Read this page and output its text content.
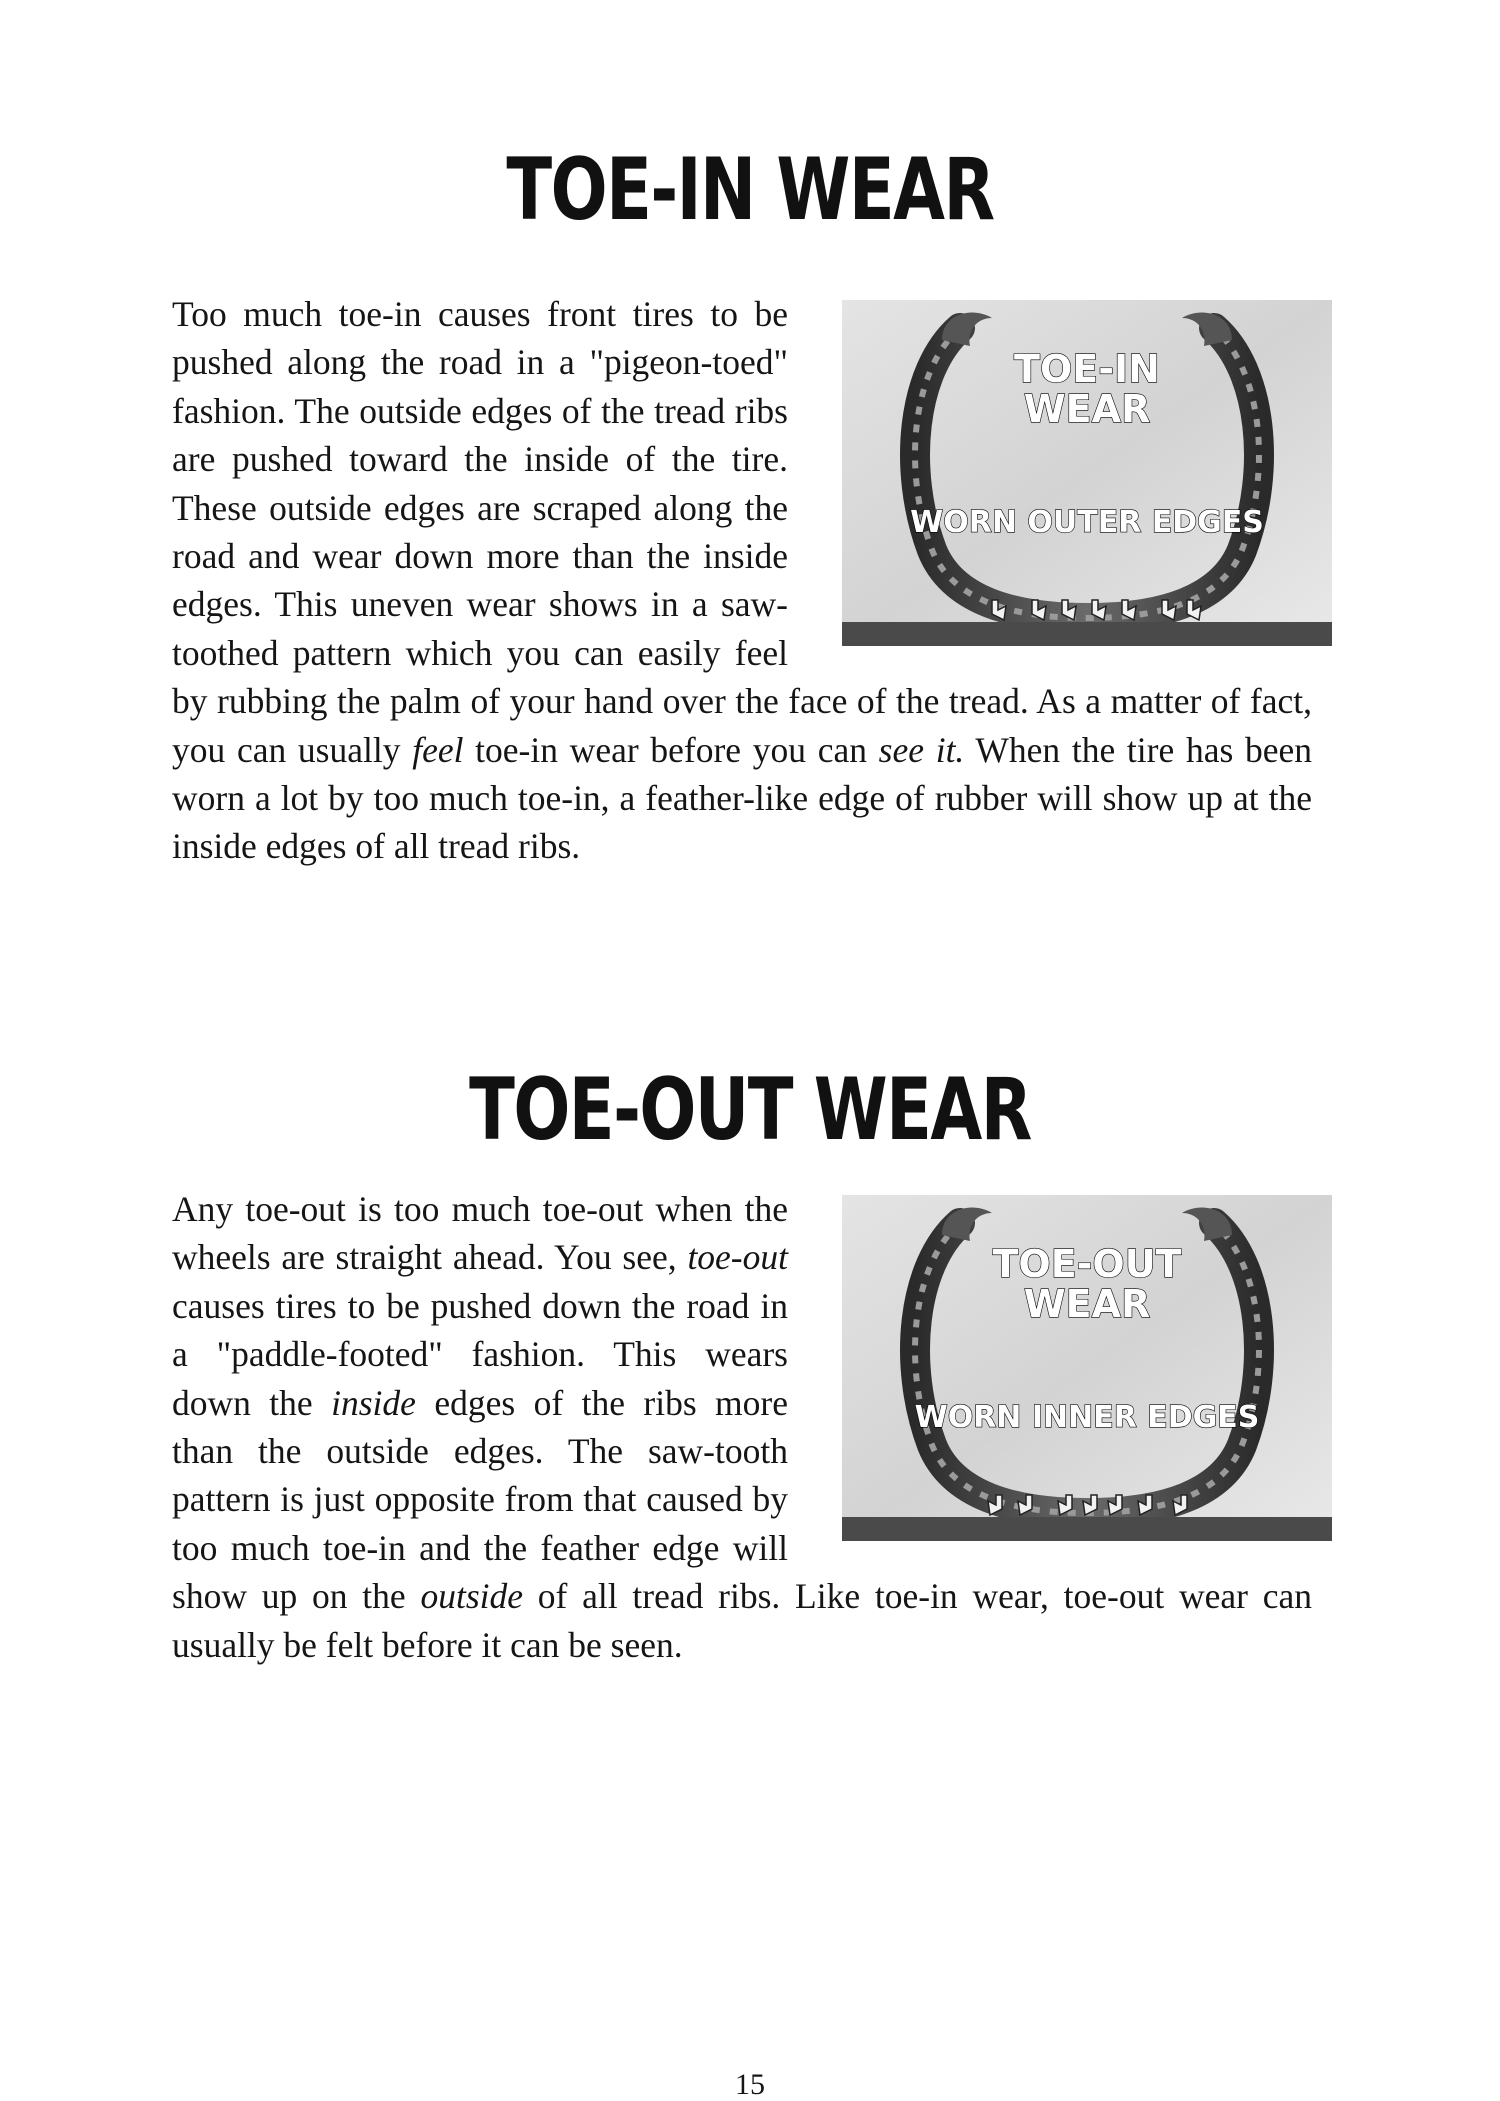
TOE-IN WEAR
TOE-IN
WEAR
WORN OUTER EDGES
Too much toe-in causes front tires to be pushed along the road in a "pigeon-toed" fashion. The outside edges of the tread ribs are pushed toward the inside of the tire. These outside edges are scraped along the road and wear down more than the inside edges. This uneven wear shows in a saw-toothed pattern which you can easily feel by rubbing the palm of your hand over the face of the tread. As a matter of fact, you can usually feel toe-in wear before you can see it. When the tire has been worn a lot by too much toe-in, a feather-like edge of rubber will show up at the inside edges of all tread ribs.
TOE-OUT WEAR
TOE-OUT
WEAR
WORN INNER EDGES
Any toe-out is too much toe-out when the wheels are straight ahead. You see, toe-out causes tires to be pushed down the road in a "paddle-footed" fashion. This wears down the inside edges of the ribs more than the outside edges. The saw-tooth pattern is just opposite from that caused by too much toe-in and the feather edge will show up on the outside of all tread ribs. Like toe-in wear, toe-out wear can usually be felt before it can be seen.

15
